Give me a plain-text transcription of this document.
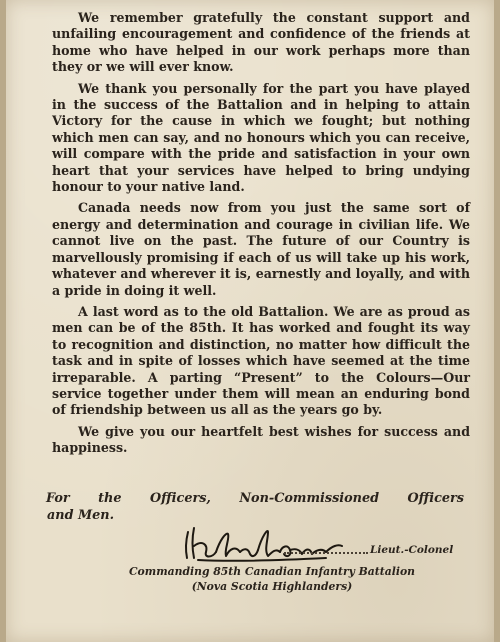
We remember gratefully the constant support and unfailing encouragement and confidence of the friends at home who have helped in our work perhaps more than they or we will ever know.

We thank you personally for the part you have played in the success of the Battalion and in helping to attain Victory for the cause in which we fought; but nothing which men can say, and no honours which you can receive, will compare with the pride and satisfaction in your own heart that your services have helped to bring undying honour to your native land.

Canada needs now from you just the same sort of energy and determination and courage in civilian life. We cannot live on the past. The future of our Country is marvellously promising if each of us will take up his work, whatever and wherever it is, earnestly and loyally, and with a pride in doing it well.

A last word as to the old Battalion. We are as proud as men can be of the 85th. It has worked and fought its way to recognition and distinction, no matter how difficult the task and in spite of losses which have seemed at the time irreparable. A parting “Present” to the Colours—Our service together under them will mean an enduring bond of friendship between us all as the years go by.

We give you our heartfelt best wishes for success and happiness.

For the Officers, Non-Commissioned Officers
and Men.
Lieut.-Colonel
Commanding 85th Canadian Infantry Battalion
(Nova Scotia Highlanders)
